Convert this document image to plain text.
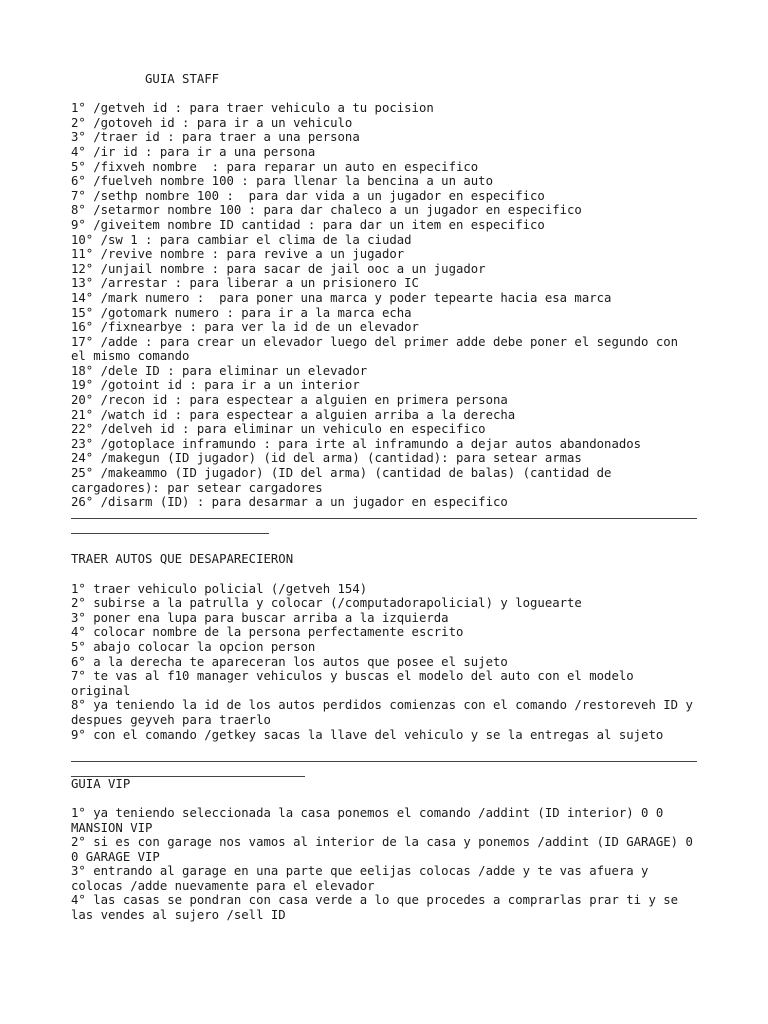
GUIA STAFF

1° /getveh id : para traer vehiculo a tu pocision

2° /gotoveh id : para ir a un vehiculo

3° /traer id : para traer a una persona

4° /ir id : para ir a una persona

5° /fixveh nombre  : para reparar un auto en especifico

6° /fuelveh nombre 100 : para llenar la bencina a un auto

7° /sethp nombre 100 :  para dar vida a un jugador en especifico

8° /setarmor nombre 100 : para dar chaleco a un jugador en especifico

9° /giveitem nombre ID cantidad : para dar un item en especifico

10° /sw 1 : para cambiar el clima de la ciudad

11° /revive nombre : para revive a un jugador

12° /unjail nombre : para sacar de jail ooc a un jugador

13° /arrestar : para liberar a un prisionero IC

14° /mark numero :  para poner una marca y poder tepearte hacia esa marca

15° /gotomark numero : para ir a la marca echa

16° /fixnearbye : para ver la id de un elevador

17° /adde : para crear un elevador luego del primer adde debe poner el segundo con el mismo comando

18° /dele ID : para eliminar un elevador

19° /gotoint id : para ir a un interior

20° /recon id : para espectear a alguien en primera persona

21° /watch id : para espectear a alguien arriba a la derecha

22° /delveh id : para eliminar un vehiculo en especifico

23° /gotoplace inframundo : para irte al inframundo a dejar autos abandonados

24° /makegun (ID jugador) (id del arma) (cantidad): para setear armas

25° /makeammo (ID jugador) (ID del arma) (cantidad de balas) (cantidad de cargadores): par setear cargadores

26° /disarm (ID) : para desarmar a un jugador en especifico

TRAER AUTOS QUE DESAPARECIERON

1° traer vehiculo policial (/getveh 154)

2° subirse a la patrulla y colocar (/computadorapolicial) y loguearte

3° poner ena lupa para buscar arriba a la izquierda

4° colocar nombre de la persona perfectamente escrito

5° abajo colocar la opcion person

6° a la derecha te apareceran los autos que posee el sujeto

7° te vas al f10 manager vehiculos y buscas el modelo del auto con el modelo original

8° ya teniendo la id de los autos perdidos comienzas con el comando /restoreveh ID y despues geyveh para traerlo

9° con el comando /getkey sacas la llave del vehiculo y se la entregas al sujeto

GUIA VIP

1° ya teniendo seleccionada la casa ponemos el comando /addint (ID interior) 0 0 MANSION VIP

2° si es con garage nos vamos al interior de la casa y ponemos /addint (ID GARAGE) 0 0 GARAGE VIP

3° entrando al garage en una parte que eelijas colocas /adde y te vas afuera y colocas /adde nuevamente para el elevador

4° las casas se pondran con casa verde a lo que procedes a comprarlas prar ti y se las vendes al sujero /sell ID
